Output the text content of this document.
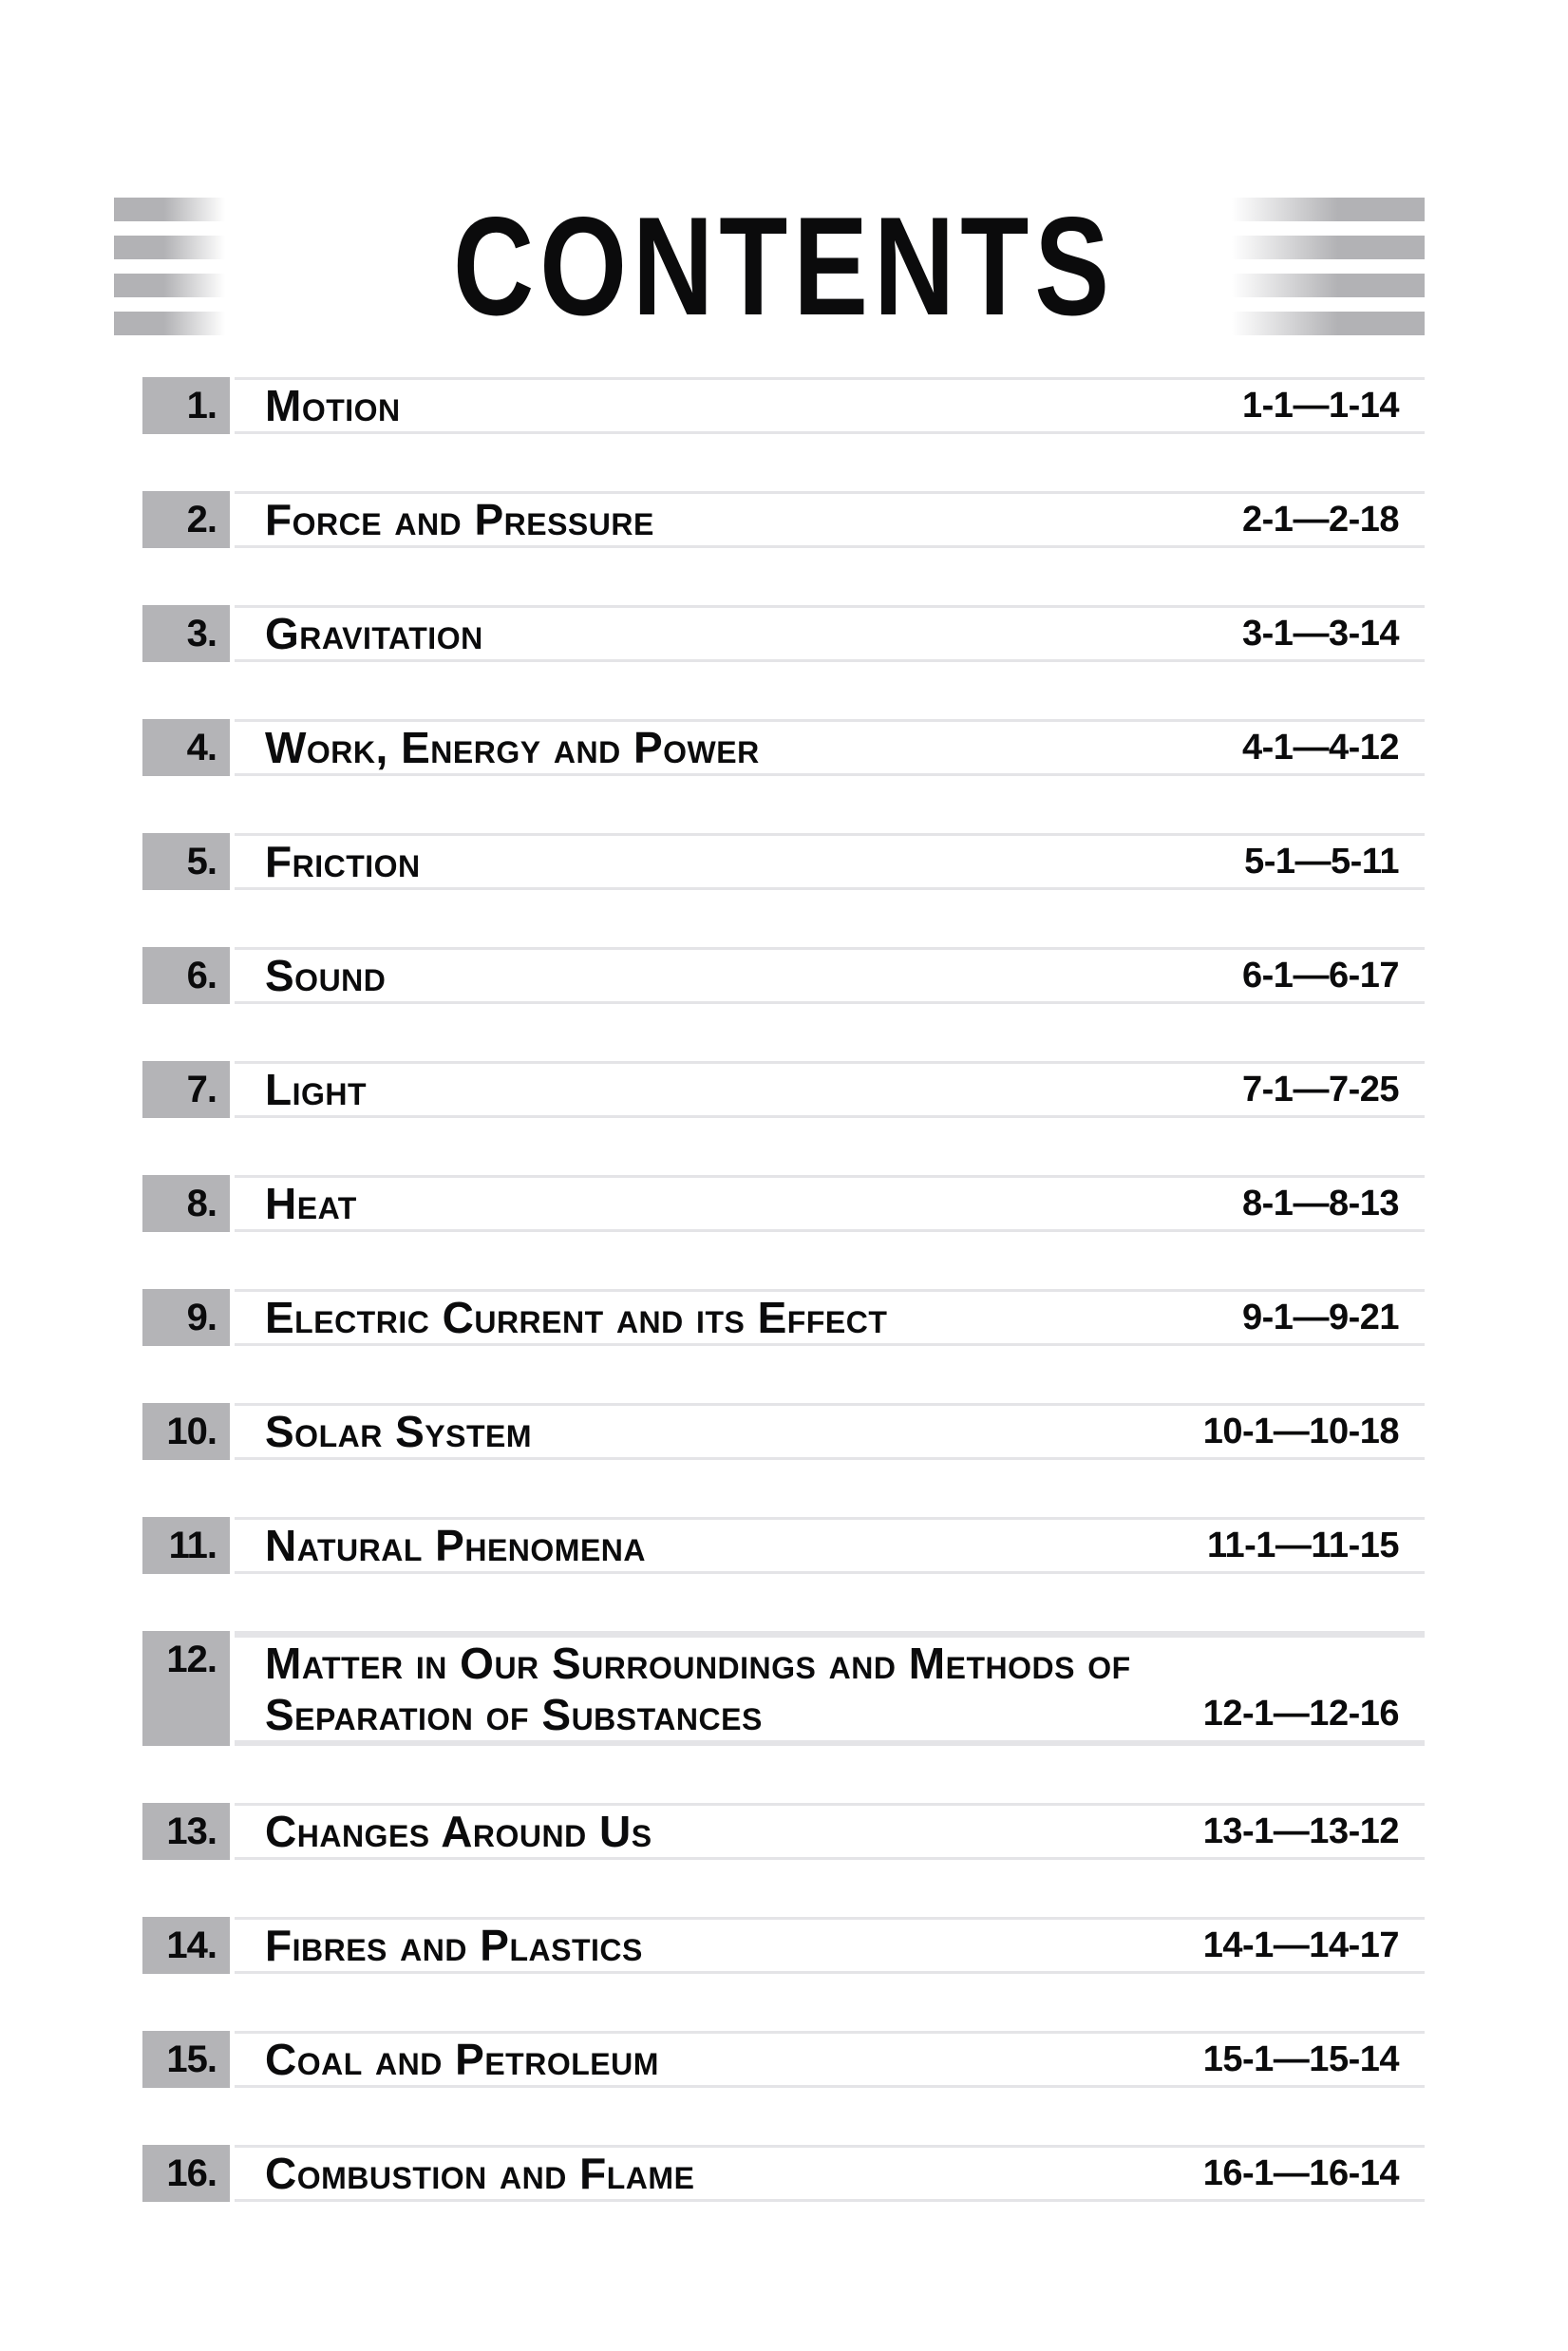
CONTENTS
1. Motion	1-1—1-14
2. Force and Pressure	2-1—2-18
3. Gravitation	3-1—3-14
4. Work, Energy and Power	4-1—4-12
5. Friction	5-1—5-11
6. Sound	6-1—6-17
7. Light	7-1—7-25
8. Heat	8-1—8-13
9. Electric Current and its Effect	9-1—9-21
10. Solar System	10-1—10-18
11. Natural Phenomena	11-1—11-15
12. Matter in Our Surroundings and Methods of
Separation of Substances	12-1—12-16
13. Changes Around Us	13-1—13-12
14. Fibres and Plastics	14-1—14-17
15. Coal and Petroleum	15-1—15-14
16. Combustion and Flame	16-1—16-14
